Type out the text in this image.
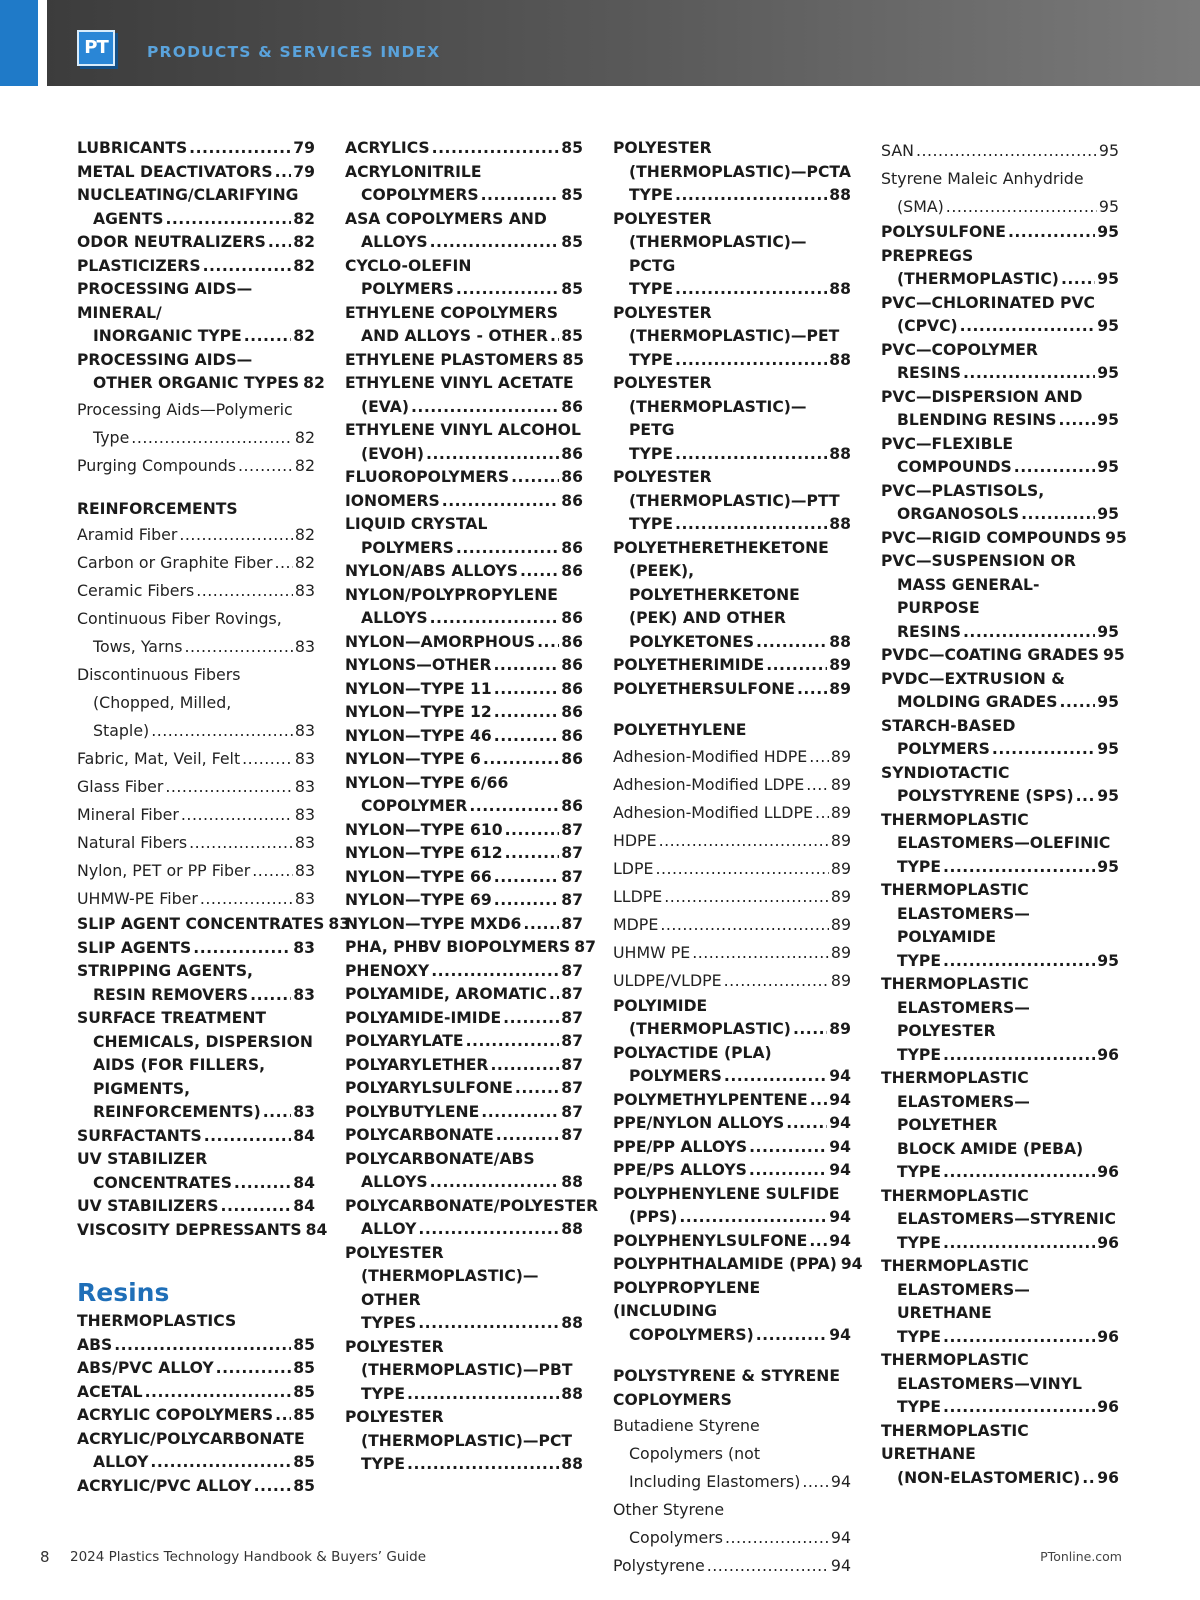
PT	PRODUCTS & SERVICES INDEX
LUBRICANTS .....	79
METAL DEACTIVATORS ..... 79
NUCLEATING/CLARIFYING
AGENTS .....	82
ODOR NEUTRALIZERS ..... 82
PLASTICIZERS .....	82
PROCESSING AIDS—MINERAL/
INORGANIC TYPE .....	82
PROCESSING AIDS—
OTHER ORGANIC TYPES 82
Processing Aids—Polymeric
Type .....	82
Purging Compounds .....	82
REINFORCEMENTS
Aramid Fiber .....	82
Carbon or Graphite Fiber ..... 82
Ceramic Fibers .....	83
Continuous Fiber Rovings,
Tows, Yarns .....	83
Discontinuous Fibers
(Chopped, Milled,
Staple) .....	83
Fabric, Mat, Veil, Felt .....	83
Glass Fiber .....	83
Mineral Fiber .....	83
Natural Fibers .....	83
Nylon, PET or PP Fiber .....	83
UHMW-PE Fiber .....	83
SLIP AGENT CONCENTRATES 83
SLIP AGENTS .....	83
STRIPPING AGENTS,
RESIN REMOVERS .....	83
SURFACE TREATMENT
CHEMICALS, DISPERSION
AIDS (FOR FILLERS,
PIGMENTS,
REINFORCEMENTS) ..... 83
SURFACTANTS .....	84
UV STABILIZER
CONCENTRATES .....	84
UV STABILIZERS .....	84
VISCOSITY DEPRESSANTS 84
Resins
THERMOPLASTICS
ABS .....	85
ABS/PVC ALLOY .....	85
ACETAL .....	85
ACRYLIC COPOLYMERS ..... 85
ACRYLIC/POLYCARBONATE
ALLOY .....	85
ACRYLIC/PVC ALLOY .....	85
ACRYLICS .....	85
ACRYLONITRILE
COPOLYMERS .....	85
ASA COPOLYMERS AND
ALLOYS .....	85
CYCLO-OLEFIN
POLYMERS .....	85
ETHYLENE COPOLYMERS
AND ALLOYS - OTHER ..... 85
ETHYLENE PLASTOMERS 85
ETHYLENE VINYL ACETATE
(EVA) .....	86
ETHYLENE VINYL ALCOHOL
(EVOH) .....	86
FLUOROPOLYMERS .....	86
IONOMERS .....	86
LIQUID CRYSTAL
POLYMERS .....	86
NYLON/ABS ALLOYS .....	86
NYLON/POLYPROPYLENE
ALLOYS .....	86
NYLON—AMORPHOUS ..... 86
NYLONS—OTHER .....	86
NYLON—TYPE 11 .....	86
NYLON—TYPE 12 .....	86
NYLON—TYPE 46 .....	86
NYLON—TYPE 6 .....	86
NYLON—TYPE 6/66
COPOLYMER .....	86
NYLON—TYPE 610 .....	87
NYLON—TYPE 612 .....	87
NYLON—TYPE 66 .....	87
NYLON—TYPE 69 .....	87
NYLON—TYPE MXD6 .....	87
PHA, PHBV BIOPOLYMERS 87
PHENOXY .....	87
POLYAMIDE, AROMATIC ..... 87
POLYAMIDE-IMIDE .....	87
POLYARYLATE .....	87
POLYARYLETHER .....	87
POLYARYLSULFONE .....	87
POLYBUTYLENE .....	87
POLYCARBONATE .....	87
POLYCARBONATE/ABS
ALLOYS .....	88
POLYCARBONATE/POLYESTER
ALLOY .....	88
POLYESTER
(THERMOPLASTIC)—OTHER
TYPES .....	88
POLYESTER
(THERMOPLASTIC)—PBT
TYPE .....	88
POLYESTER
(THERMOPLASTIC)—PCT
TYPE .....	88
POLYESTER
(THERMOPLASTIC)—PCTA
TYPE .....	88
POLYESTER
(THERMOPLASTIC)—PCTG
TYPE .....	88
POLYESTER
(THERMOPLASTIC)—PET
TYPE .....	88
POLYESTER
(THERMOPLASTIC)—PETG
TYPE .....	88
POLYESTER
(THERMOPLASTIC)—PTT
TYPE .....	88
POLYETHERETHEKETONE
(PEEK), POLYETHERKETONE
(PEK) AND OTHER
POLYKETONES .....	88
POLYETHERIMIDE .....	89
POLYETHERSULFONE ..... 89
POLYETHYLENE
Adhesion-Modified HDPE ..... 89
Adhesion-Modified LDPE ..... 89
Adhesion-Modified LLDPE ..... 89
HDPE .....	89
LDPE .....	89
LLDPE .....	89
MDPE .....	89
UHMW PE .....	89
ULDPE/VLDPE .....	89
POLYIMIDE
(THERMOPLASTIC) ..... 89
POLYACTIDE (PLA)
POLYMERS .....	94
POLYMETHYLPENTENE ..... 94
PPE/NYLON ALLOYS .....	94
PPE/PP ALLOYS .....	94
PPE/PS ALLOYS .....	94
POLYPHENYLENE SULFIDE
(PPS) .....	94
POLYPHENYLSULFONE ..... 94
POLYPHTHALAMIDE (PPA) 94
POLYPROPYLENE (INCLUDING
COPOLYMERS) .....	94
POLYSTYRENE & STYRENE COPLOYMERS
Butadiene Styrene
Copolymers (not
Including Elastomers) ..... 94
Other Styrene
Copolymers .....	94
Polystyrene .....	94
SAN .....	95
Styrene Maleic Anhydride
(SMA) .....	95
POLYSULFONE .....	95
PREPREGS
(THERMOPLASTIC) ..... 95
PVC—CHLORINATED PVC
(CPVC) .....	95
PVC—COPOLYMER
RESINS .....	95
PVC—DISPERSION AND
BLENDING RESINS .....	95
PVC—FLEXIBLE
COMPOUNDS .....	95
PVC—PLASTISOLS,
ORGANOSOLS .....	95
PVC—RIGID COMPOUNDS 95
PVC—SUSPENSION OR
MASS GENERAL-PURPOSE
RESINS .....	95
PVDC—COATING GRADES 95
PVDC—EXTRUSION &
MOLDING GRADES .....	95
STARCH-BASED
POLYMERS .....	95
SYNDIOTACTIC
POLYSTYRENE (SPS) ..... 95
THERMOPLASTIC
ELASTOMERS—OLEFINIC
TYPE .....	95
THERMOPLASTIC
ELASTOMERS—POLYAMIDE
TYPE .....	95
THERMOPLASTIC
ELASTOMERS—POLYESTER
TYPE .....	96
THERMOPLASTIC
ELASTOMERS—POLYETHER
BLOCK AMIDE (PEBA)
TYPE .....	96
THERMOPLASTIC
ELASTOMERS—STYRENIC
TYPE .....	96
THERMOPLASTIC
ELASTOMERS—URETHANE
TYPE .....	96
THERMOPLASTIC
ELASTOMERS—VINYL
TYPE .....	96
THERMOPLASTIC URETHANE
(NON-ELASTOMERIC) ..... 96
8 2024 Plastics Technology Handbook & Buyers’ Guide	PTonline.com
